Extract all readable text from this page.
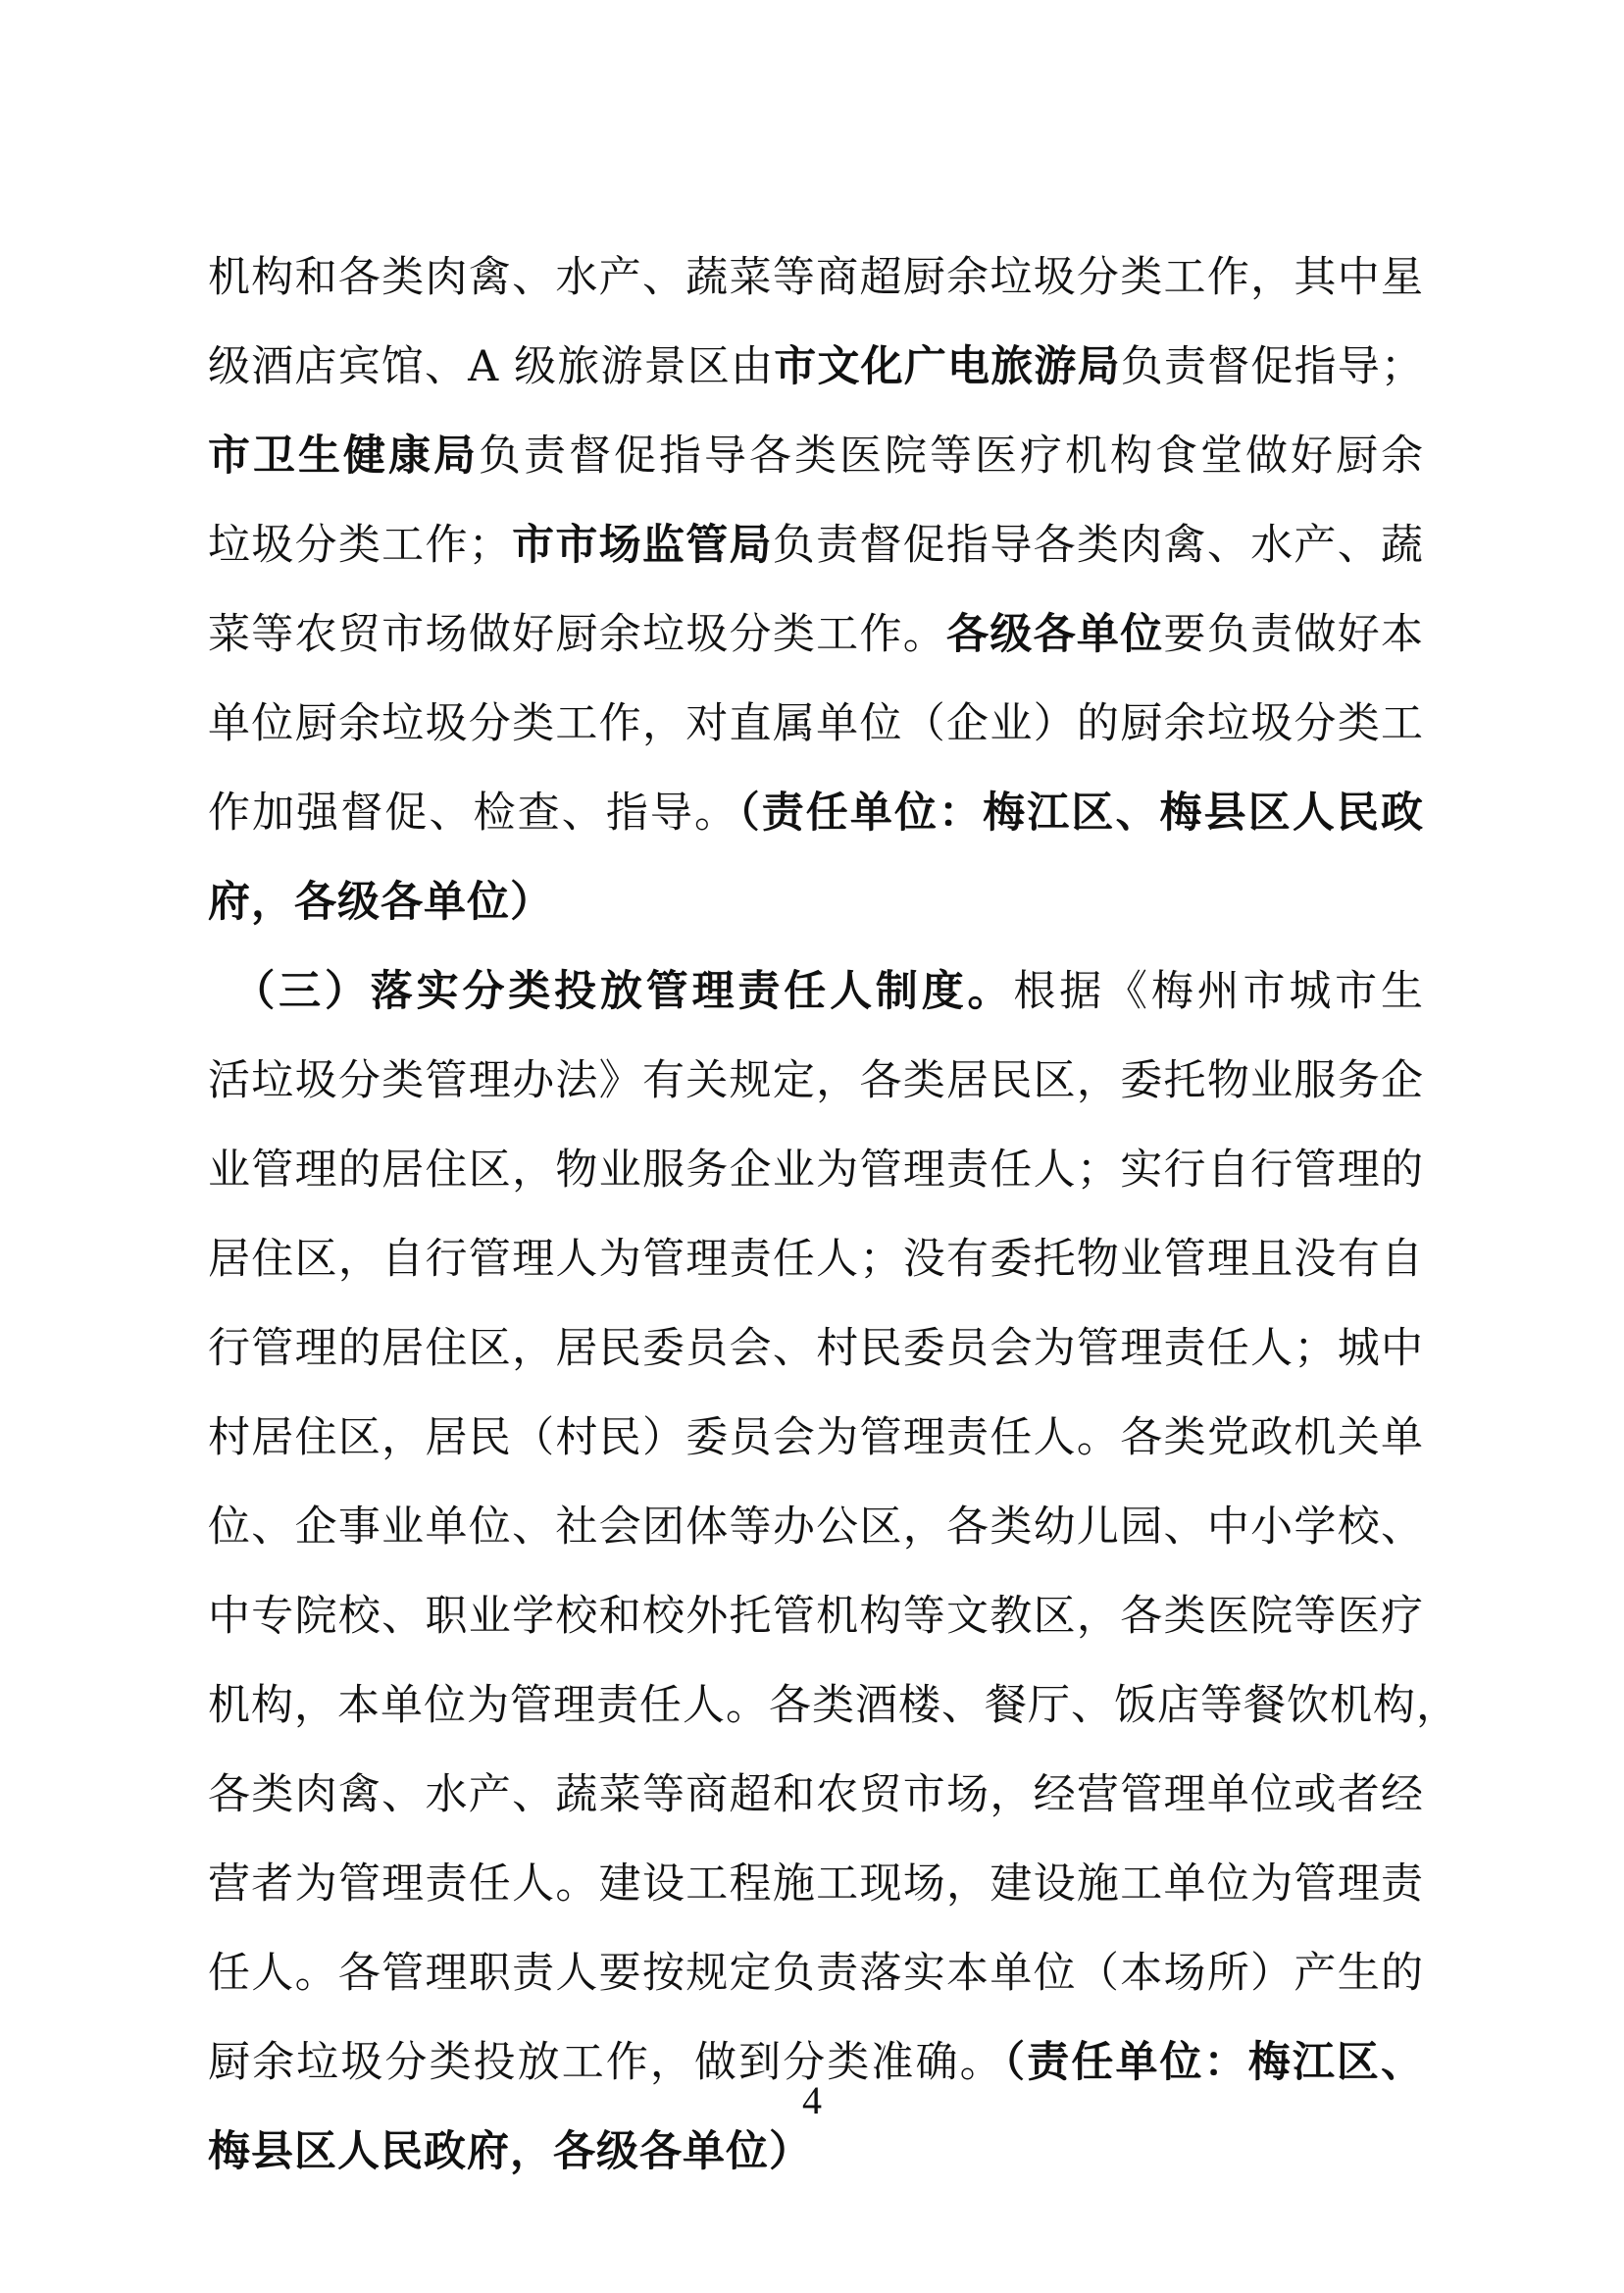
机构和各类肉禽、水产、蔬菜等商超厨余垃圾分类工作，其中星
级酒店宾馆、A 级旅游景区由市文化广电旅游局负责督促指导；
市卫生健康局负责督促指导各类医院等医疗机构食堂做好厨余
垃圾分类工作；市市场监管局负责督促指导各类肉禽、水产、蔬
菜等农贸市场做好厨余垃圾分类工作。各级各单位要负责做好本
单位厨余垃圾分类工作，对直属单位（企业）的厨余垃圾分类工
作加强督促、检查、指导。（责任单位：梅江区、梅县区人民政
府，各级各单位）
　（三）落实分类投放管理责任人制度。根据《梅州市城市生
活垃圾分类管理办法》有关规定，各类居民区，委托物业服务企
业管理的居住区，物业服务企业为管理责任人；实行自行管理的
居住区，自行管理人为管理责任人；没有委托物业管理且没有自
行管理的居住区，居民委员会、村民委员会为管理责任人；城中
村居住区，居民（村民）委员会为管理责任人。各类党政机关单
位、企事业单位、社会团体等办公区，各类幼儿园、中小学校、
中专院校、职业学校和校外托管机构等文教区，各类医院等医疗
机构，本单位为管理责任人。各类酒楼、餐厅、饭店等餐饮机构，
各类肉禽、水产、蔬菜等商超和农贸市场，经营管理单位或者经
营者为管理责任人。建设工程施工现场，建设施工单位为管理责
任人。各管理职责人要按规定负责落实本单位（本场所）产生的
厨余垃圾分类投放工作，做到分类准确。（责任单位：梅江区、
梅县区人民政府，各级各单位）
4
